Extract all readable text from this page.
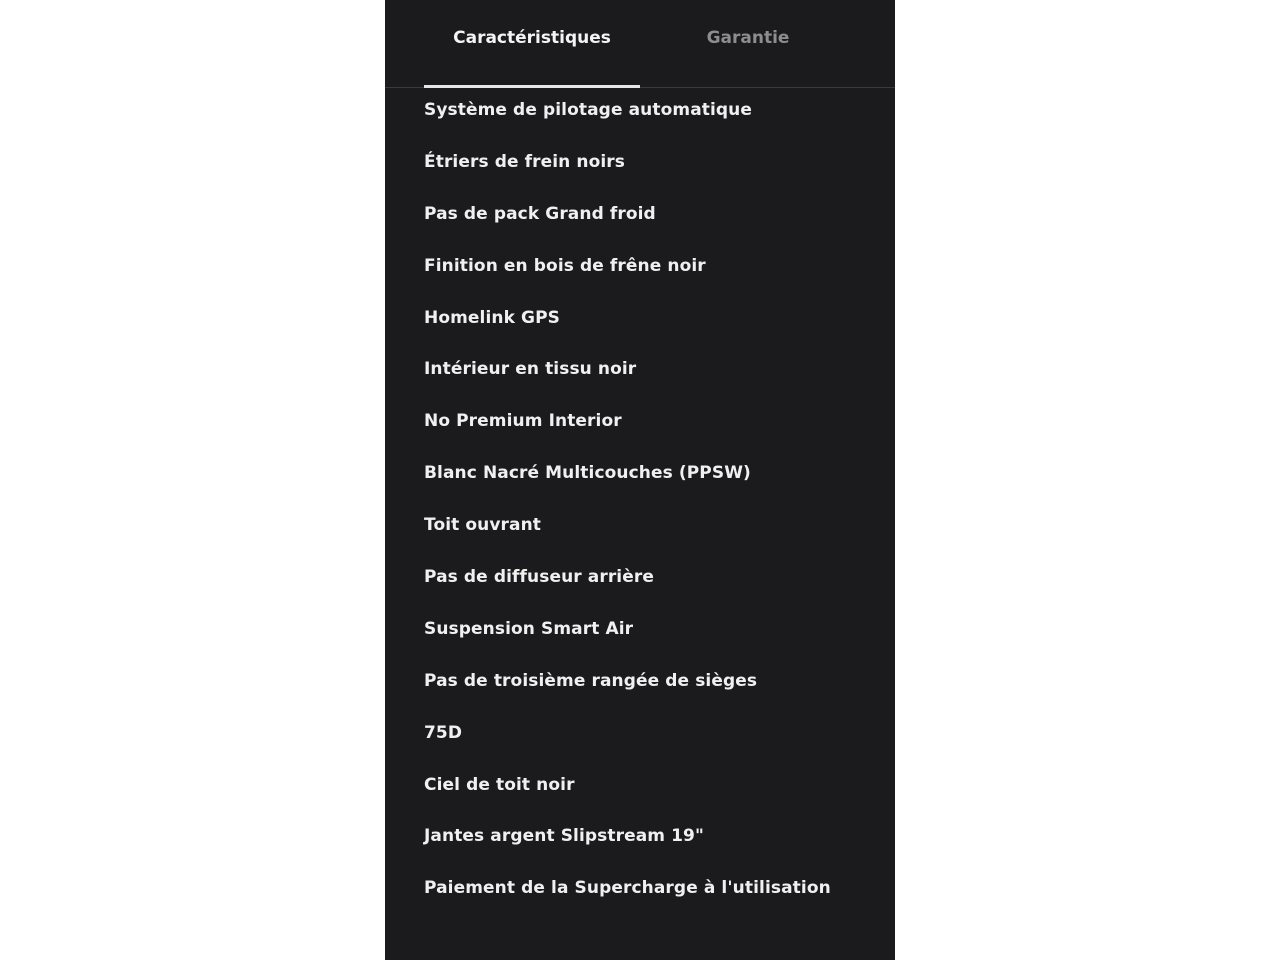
Caractéristiques	Garantie
Système de pilotage automatique
Étriers de frein noirs
Pas de pack Grand froid
Finition en bois de frêne noir
Homelink GPS
Intérieur en tissu noir
No Premium Interior
Blanc Nacré Multicouches (PPSW)
Toit ouvrant
Pas de diffuseur arrière
Suspension Smart Air
Pas de troisième rangée de sièges
75D
Ciel de toit noir
Jantes argent Slipstream 19"
Paiement de la Supercharge à l'utilisation
